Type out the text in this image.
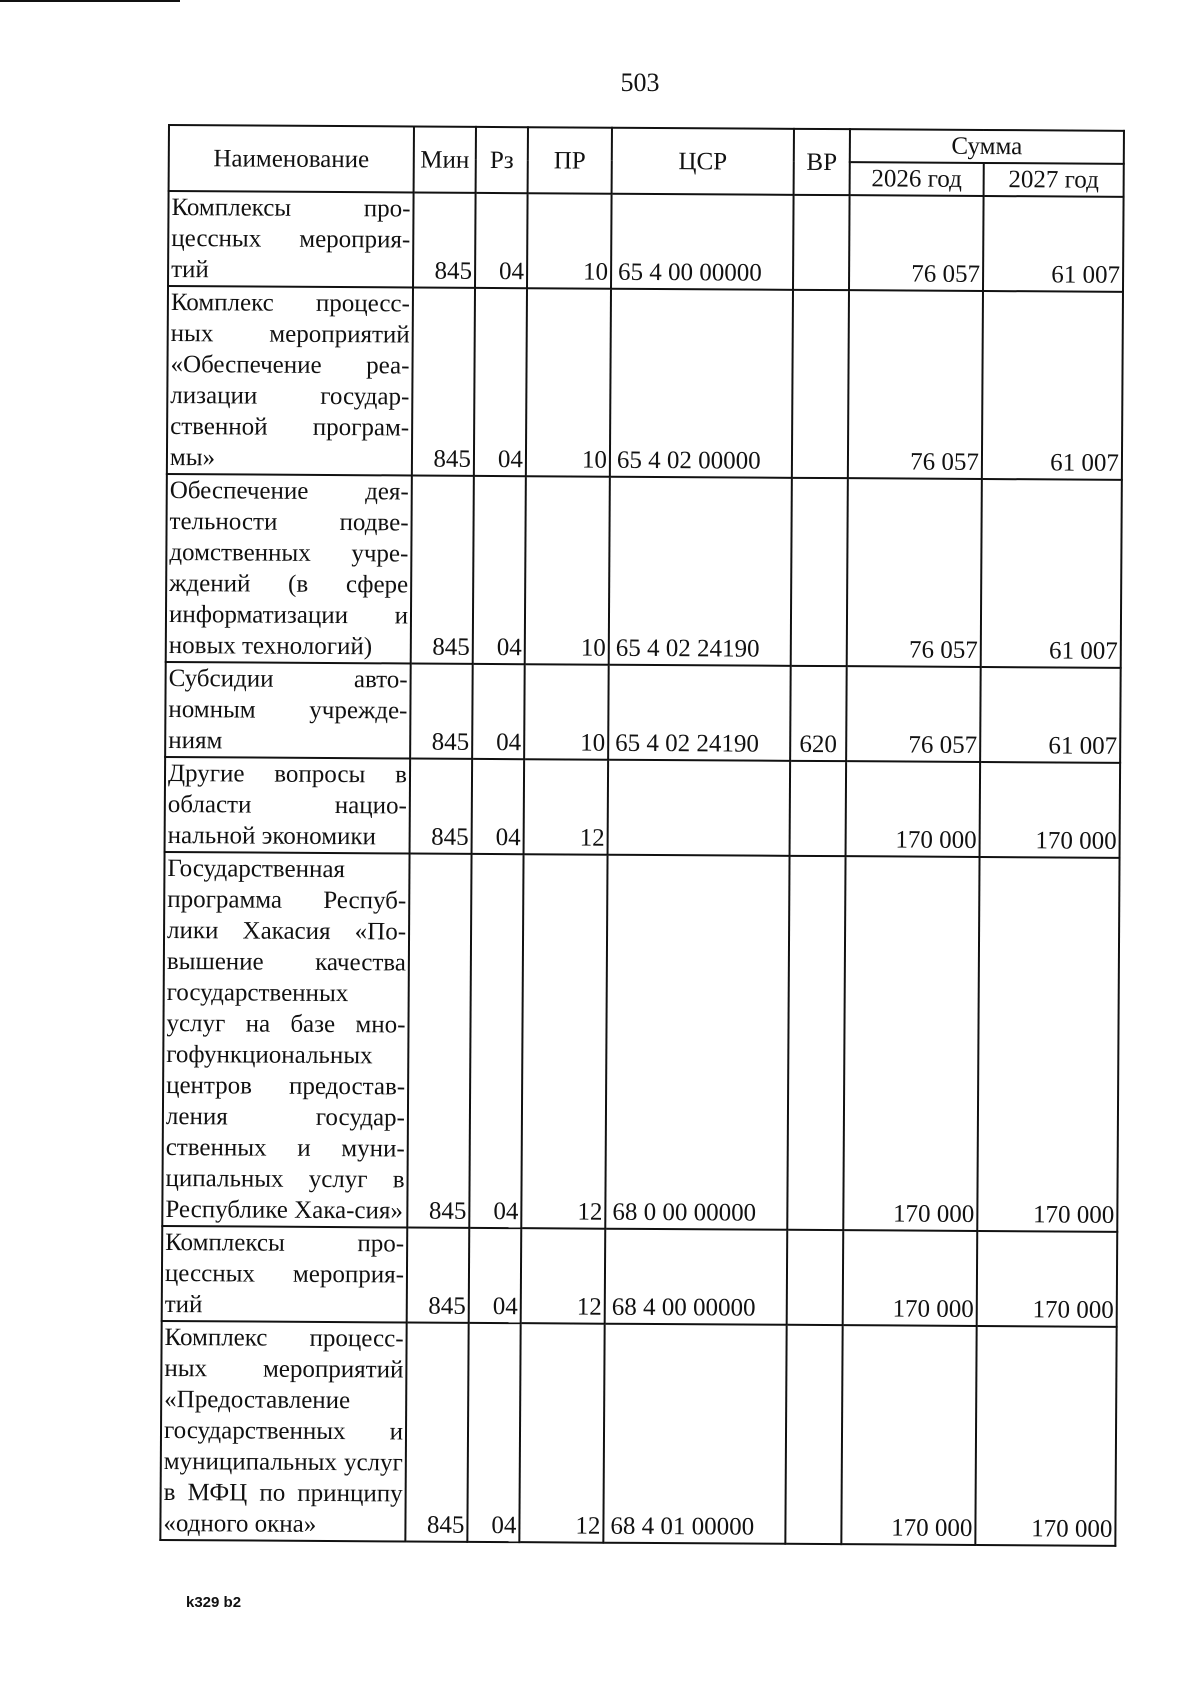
503
Наименование	Мин	Рз	ПР	ЦСР	ВР	Сумма	
						2026 год	2027 год
Комплексы про-цессных мероприя-тий	845	04	10	65 4 00 00000		76 057	61 007
Комплекс процесс-ных мероприятий «Обеспечение реа-лизации государ-ственной програм-мы»	845	04	10	65 4 02 00000		76 057	61 007
Обеспечение дея-тельности подве-домственных учре-ждений (в сфере информатизации и новых технологий)	845	04	10	65 4 02 24190		76 057	61 007
Субсидии авто-номным учрежде-ниям	845	04	10	65 4 02 24190	620	76 057	61 007
Другие вопросы в области нацио-нальной экономики	845	04	12			170 000	170 000
Государственная программа Респуб-лики Хакасия «По-вышение качества государственных услуг на базе мно-гофункциональных центров предостав-ления государ-ственных и муни-ципальных услуг в Республике Хака-сия»	845	04	12	68 0 00 00000		170 000	170 000
Комплексы про-цессных мероприя-тий	845	04	12	68 4 00 00000		170 000	170 000
Комплекс процесс-ных мероприятий «Предоставление государственных и муниципальных услуг в МФЦ по принципу «одного окна»	845	04	12	68 4 01 00000		170 000	170 000
k329 b2
